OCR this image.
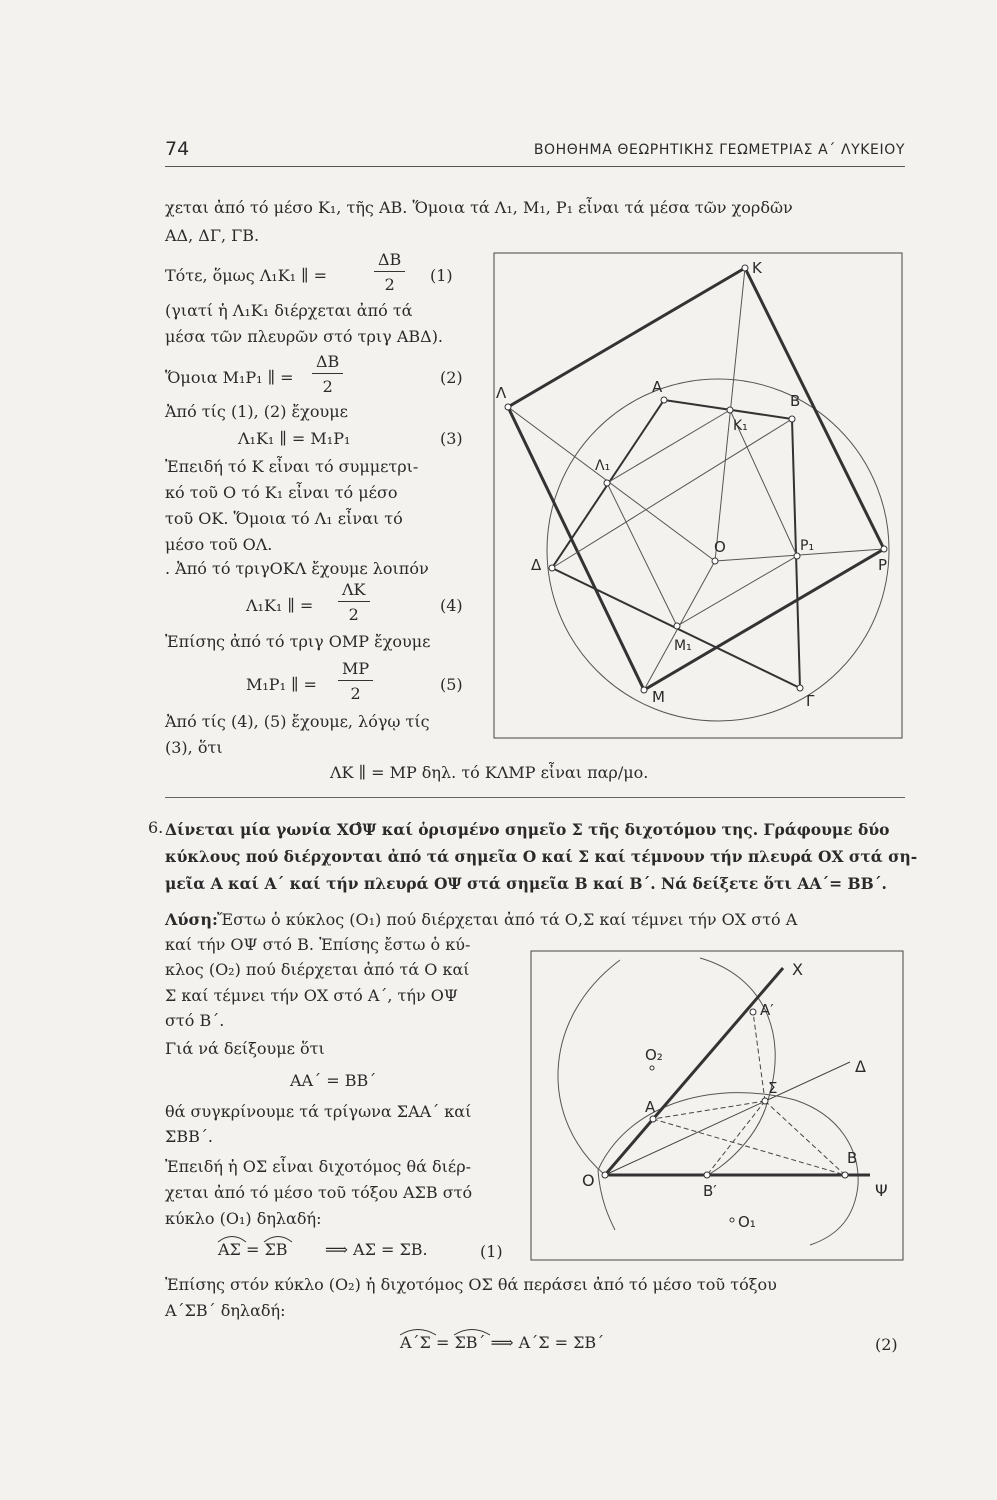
74	ΒΟΗΘΗΜΑ ΘΕΩΡΗΤΙΚΗΣ ΓΕΩΜΕΤΡΙΑΣ Α΄ ΛΥΚΕΙΟΥ
χεται ἀπό τό μέσο Κ₁, τῆς ΑΒ. Ὅμοια τά Λ₁, Μ₁, Ρ₁ εἶναι τά μέσα τῶν χορδῶν
ΑΔ, ΔΓ, ΓΒ.
Τότε, ὅμως Λ₁Κ₁ ∥ =	$\frac{\Delta B}{2} (1)$
(γιατί ἡ Λ₁Κ₁ διέρχεται ἀπό τά
μέσα τῶν πλευρῶν στό τριγ ΑΒΔ).
Ὅμοια Μ₁Ρ₁ ∥ = $\frac{\Delta B}{2}$	(2)
Ἀπό τίς (1), (2) ἔχουμε
Λ₁Κ₁ ∥ = Μ₁Ρ₁	(3)
Ἐπειδή τό Κ εἶναι τό συμμετρι-
κό τοῦ Ο τό Κ₁ εἶναι τό μέσο
τοῦ ΟΚ. Ὅμοια τό Λ₁ εἶναι τό
μέσο τοῦ ΟΛ.
. Ἀπό τό τριγΟΚΛ ἔχουμε λοιπόν
Λ₁Κ₁ ∥ = $\frac{\Lambda K}{2}$	(4)
Ἐπίσης ἀπό τό τριγ ΟΜΡ ἔχουμε
Μ₁Ρ₁ ∥ = $\frac{MP}{2}$	(5)
Ἀπό τίς (4), (5) ἔχουμε, λόγῳ τίς
(3), ὅτι
ΛΚ ∥ = ΜΡ δηλ. τό ΚΛΜΡ εἶναι παρ/μο.
K
Λ	A
B
K₁
Λ₁
Δ
O	P₁
P
M₁
M	Γ
6. Δίνεται μία γωνία ΧΟ̂Ψ καί ὁρισμένο σημεῖο Σ τῆς διχοτόμου της. Γράφουμε δύο
κύκλους πού διέρχονται ἀπό τά σημεῖα Ο καί Σ καί τέμνουν τήν πλευρά ΟΧ στά ση-
μεῖα Α καί Α΄ καί τήν πλευρά ΟΨ στά σημεῖα Β καί Β΄. Νά δείξετε ὅτι ΑΑ΄= ΒΒ΄.
Λύση: Ἔστω ὁ κύκλος (Ο₁) πού διέρχεται ἀπό τά Ο,Σ καί τέμνει τήν ΟΧ στό Α
καί τήν ΟΨ στό Β. Ἐπίσης ἔστω ὁ κύ-
κλος (Ο₂) πού διέρχεται ἀπό τά Ο καί
Σ καί τέμνει τήν ΟΧ στό Α΄, τήν ΟΨ
στό Β΄.
Γιά νά δείξουμε ὅτι
ΑΑ΄ = ΒΒ΄
θά συγκρίνουμε τά τρίγωνα ΣΑΑ΄ καί
ΣΒΒ΄.
Ἐπειδή ἡ ΟΣ εἶναι διχοτόμος θά διέρ-
χεται ἀπό τό μέσο τοῦ τόξου ΑΣΒ στό
κύκλο (Ο₁) δηλαδή:
ΑΣ =
ΣΒ ⟹ ΑΣ = ΣΒ.	(1)
Ἐπίσης στόν κύκλο (Ο₂) ἡ διχοτόμος ΟΣ θά περάσει ἀπό τό μέσο τοῦ τόξου
Α΄ΣΒ΄ δηλαδή:
Α΄Σ =
ΣΒ΄ ⟹ Α΄Σ = ΣΒ΄	(2)
X
A′
O₂
Δ
Σ
A
B
O
B′	Ψ
O₁
